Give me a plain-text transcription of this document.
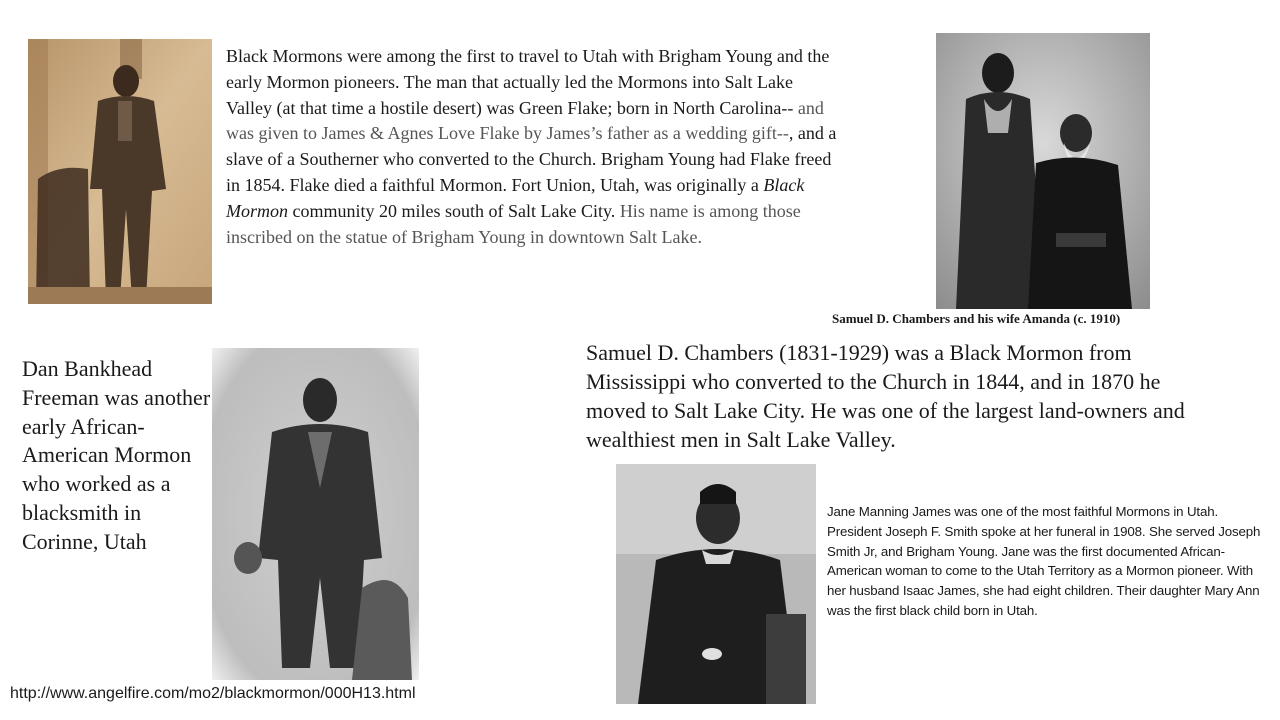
Black Mormons were among the first to travel to Utah with Brigham Young and the early Mormon pioneers. The man that actually led the Mormons into Salt Lake Valley (at that time a hostile desert) was Green Flake; born in North Carolina-- and was given to James & Agnes Love Flake by James’s father as a wedding gift--, and a slave of a Southerner who converted to the Church. Brigham Young had Flake freed in 1854. Flake died a faithful Mormon. Fort Union, Utah, was originally a Black Mormon community 20 miles south of Salt Lake City. His name is among those inscribed on the statue of Brigham Young in downtown Salt Lake.
Samuel D. Chambers and his wife Amanda (c. 1910)
Samuel D. Chambers (1831-1929) was a Black Mormon from Mississippi who converted to the Church in 1844, and in 1870 he moved to Salt Lake City. He was one of the largest land-owners and wealthiest men in Salt Lake Valley.
Dan Bankhead Freeman was another early African-American Mormon who worked as a blacksmith in Corinne, Utah
Jane Manning James was one of the most faithful Mormons in Utah. President Joseph F. Smith spoke at her funeral in 1908. She served Joseph Smith Jr, and Brigham Young. Jane was the first documented African-American woman to come to the Utah Territory as a Mormon pioneer. With her husband Isaac James, she had eight children. Their daughter Mary Ann was the first black child born in Utah.
http://www.angelfire.com/mo2/blackmormon/000H13.html
